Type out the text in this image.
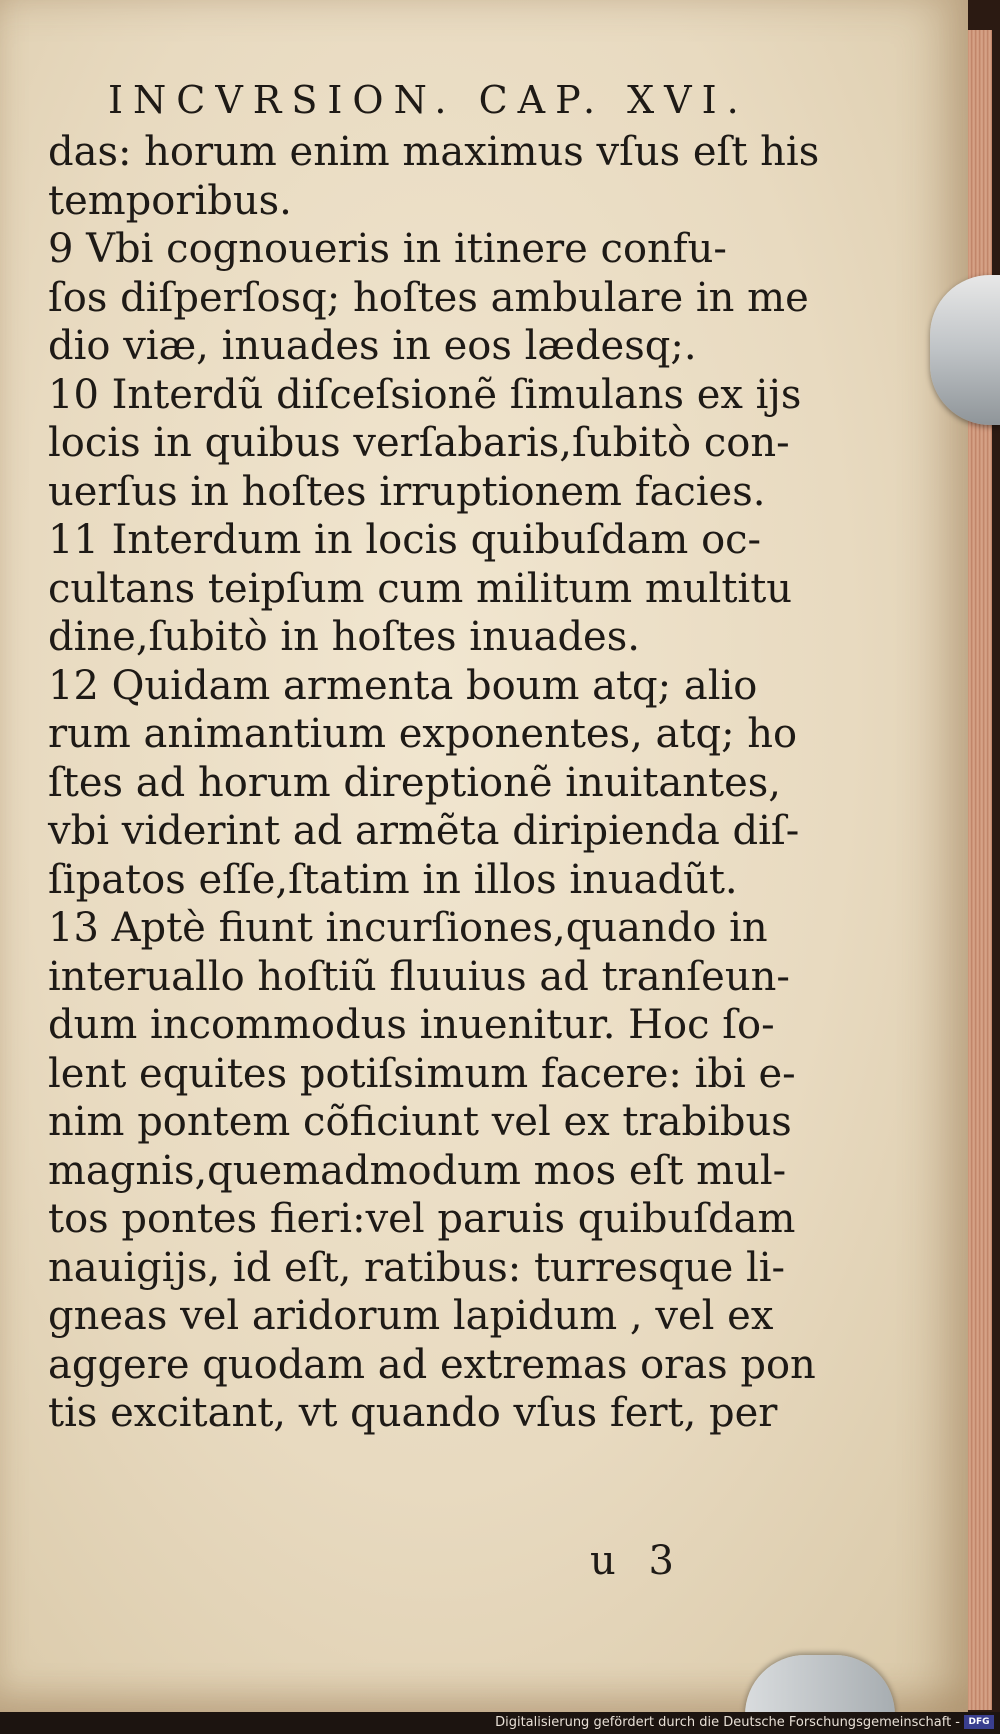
INCVRSION. CAP. XVI.
das: horum enim maximus vſus eſt his
temporibus.
9 Vbi cognoueris in itinere confu-
ſos diſperſosq; hoſtes ambulare in me
dio viæ, inuades in eos lædesq;.
10 Interdũ diſceſsionẽ ſimulans ex ijs
locis in quibus verſabaris,ſubitò con-
uerſus in hoſtes irruptionem facies.
11 Interdum in locis quibuſdam oc-
cultans teipſum cum militum multitu
dine,ſubitò in hoſtes inuades.
12 Quidam armenta boum atq; alio
rum animantium exponentes, atq; ho
ſtes ad horum direptionẽ inuitantes,
vbi viderint ad armẽta diripienda diſ-
ſipatos eſſe,ſtatim in illos inuadũt.
13 Aptè fiunt incurſiones,quando in
interuallo hoſtiũ fluuius ad tranſeun-
dum incommodus inuenitur. Hoc ſo-
lent equites potiſsimum facere: ibi e-
nim pontem cõficiunt vel ex trabibus
magnis,quemadmodum mos eſt mul-
tos pontes fieri:vel paruis quibuſdam
nauigijs, id eſt, ratibus: turresque li-
gneas vel aridorum lapidum , vel ex
aggere quodam ad extremas oras pon
tis excitant, vt quando vſus fert, per
u 3
Digitalisierung gefördert durch die Deutsche Forschungsgemeinschaft - DFG
